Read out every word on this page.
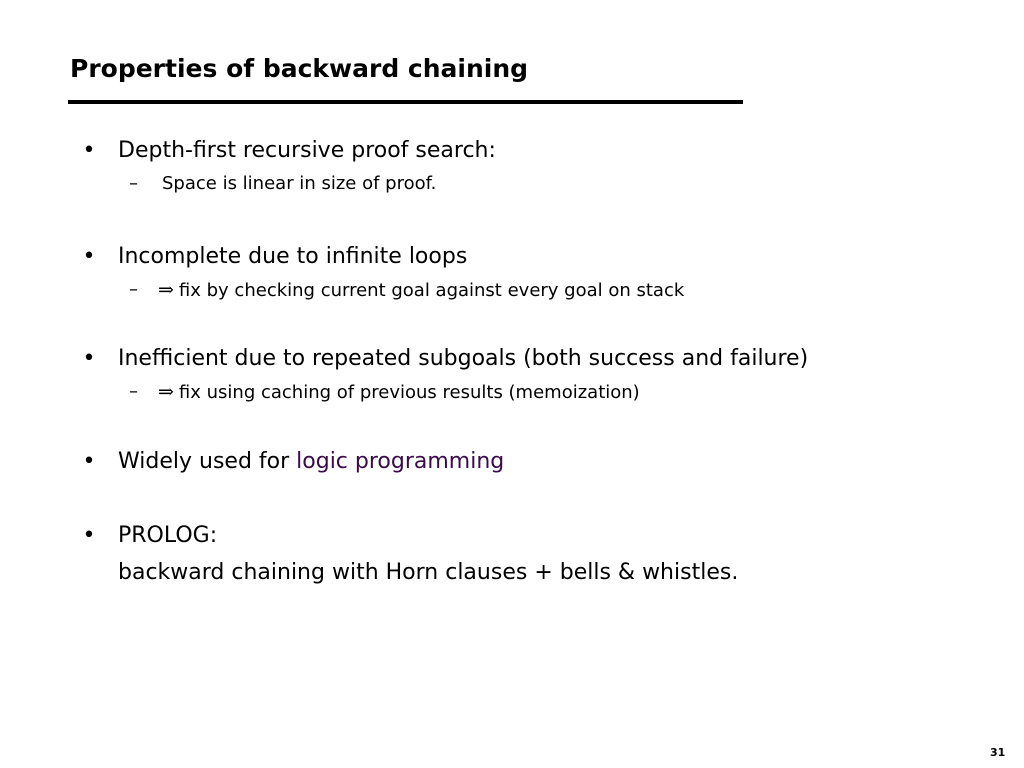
Properties of backward chaining
• Depth-first recursive proof search:
– Space is linear in size of proof.
• Incomplete due to infinite loops
– ⇒ fix by checking current goal against every goal on stack
• Inefficient due to repeated subgoals (both success and failure)
– ⇒ fix using caching of previous results (memoization)
• Widely used for logic programming
• PROLOG:
backward chaining with Horn clauses + bells & whistles.
31
